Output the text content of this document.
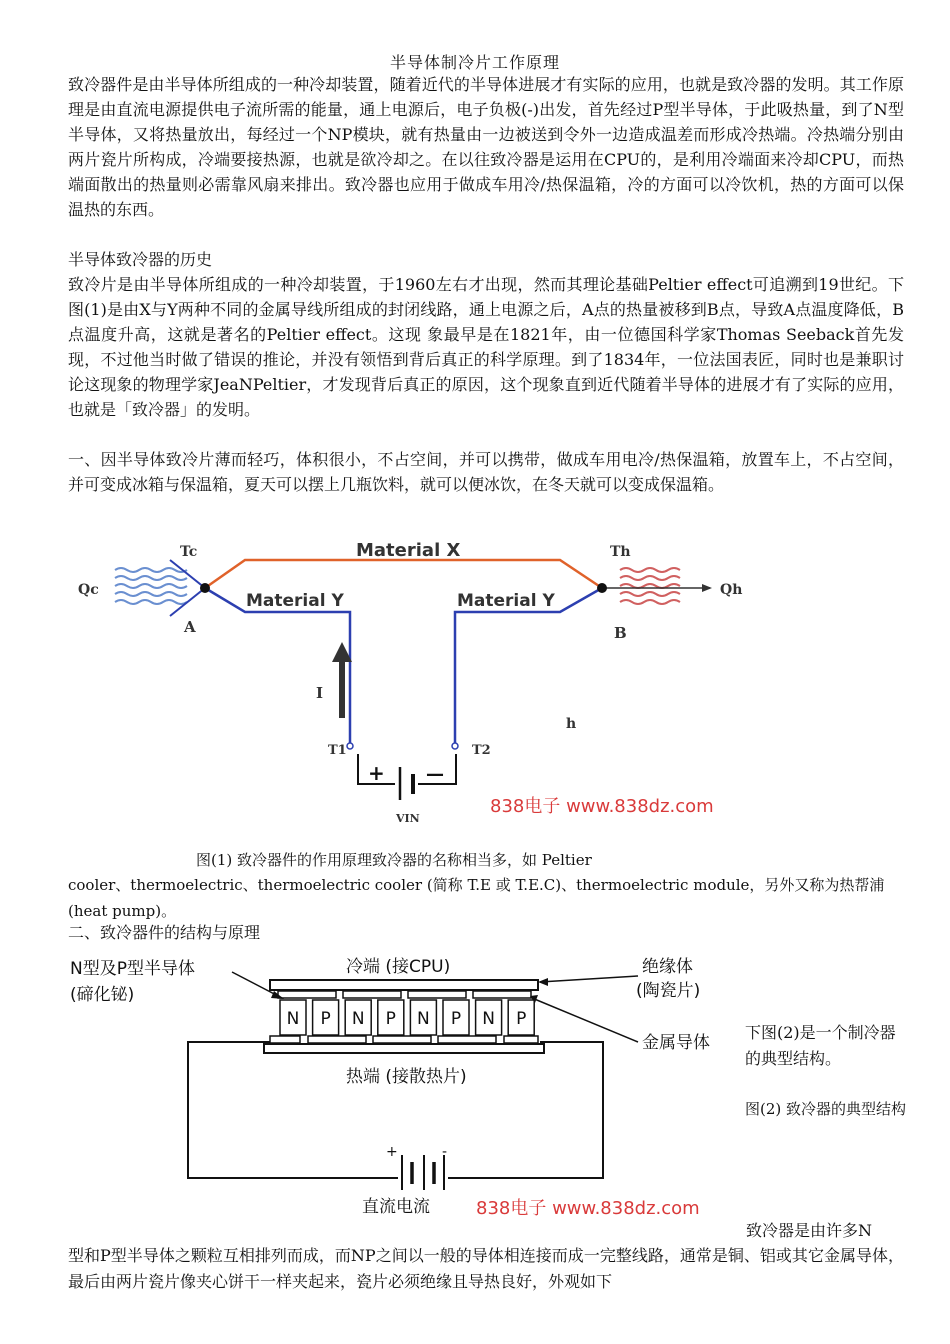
半导体制冷片工作原理

致冷器件是由半导体所组成的一种冷却装置，随着近代的半导体进展才有实际的应用，也就是致冷器的发明。其工作原理是由直流电源提供电子流所需的能量，通上电源后，电子负极(-)出发，首先经过P型半导体，于此吸热量，到了N型半导体，又将热量放出，每经过一个NP模块，就有热量由一边被送到令外一边造成温差而形成冷热端。冷热端分别由两片瓷片所构成，冷端要接热源，也就是欲冷却之。在以往致冷器是运用在CPU的，是利用冷端面来冷却CPU，而热端面散出的热量则必需靠风扇来排出。致冷器也应用于做成车用冷/热保温箱，冷的方面可以冷饮机，热的方面可以保温热的东西。

半导体致冷器的历史

致冷片是由半导体所组成的一种冷却装置，于1960左右才出现，然而其理论基础Peltier effect可追溯到19世纪。下图(1)是由X与Y两种不同的金属导线所组成的封闭线路，通上电源之后，A点的热量被移到B点，导致A点温度降低，B点温度升高，这就是著名的Peltier effect。这现 象最早是在1821年，由一位德国科学家Thomas Seeback首先发现，不过他当时做了错误的推论，并没有领悟到背后真正的科学原理。到了1834年，一位法国表匠，同时也是兼职讨论这现象的物理学家JeaNPeltier，才发现背后真正的原因，这个现象直到近代随着半导体的进展才有了实际的应用，也就是「致冷器」的发明。

一、因半导体致冷片薄而轻巧，体积很小，不占空间，并可以携带，做成车用电冷/热保温箱，放置车上，不占空间，并可变成冰箱与保温箱，夏天可以摆上几瓶饮料，就可以便冰饮，在冬天就可以变成保温箱。

Material X
Material Y	Material Y
Tc	Th
Qc	Qh
A	B
I
T1	T2
+ —
VIN
h
838电子 www.838dz.com
图(1) 致冷器件的作用原理致冷器的名称相当多，如 Peltier

cooler、thermoelectric、thermoelectric cooler (简称 T.E 或 T.E.C)、thermoelectric module，另外又称为热帮浦 (heat pump)。

二、致冷器件的结构与原理
N P N P N P N P
N型及P型半导体
(碲化铋)
冷端 (接CPU)	绝缘体
(陶瓷片)
金属导体
热端 (接散热片)
+	-
直流电流	838电子 www.838dz.com
下图(2)是一个制冷器的典型结构。
图(2) 致冷器的典型结构
致冷器是由许多N

型和P型半导体之颗粒互相排列而成，而NP之间以一般的导体相连接而成一完整线路，通常是铜、铝或其它金属导体，最后由两片瓷片像夹心饼干一样夹起来，瓷片必须绝缘且导热良好，外观如下
